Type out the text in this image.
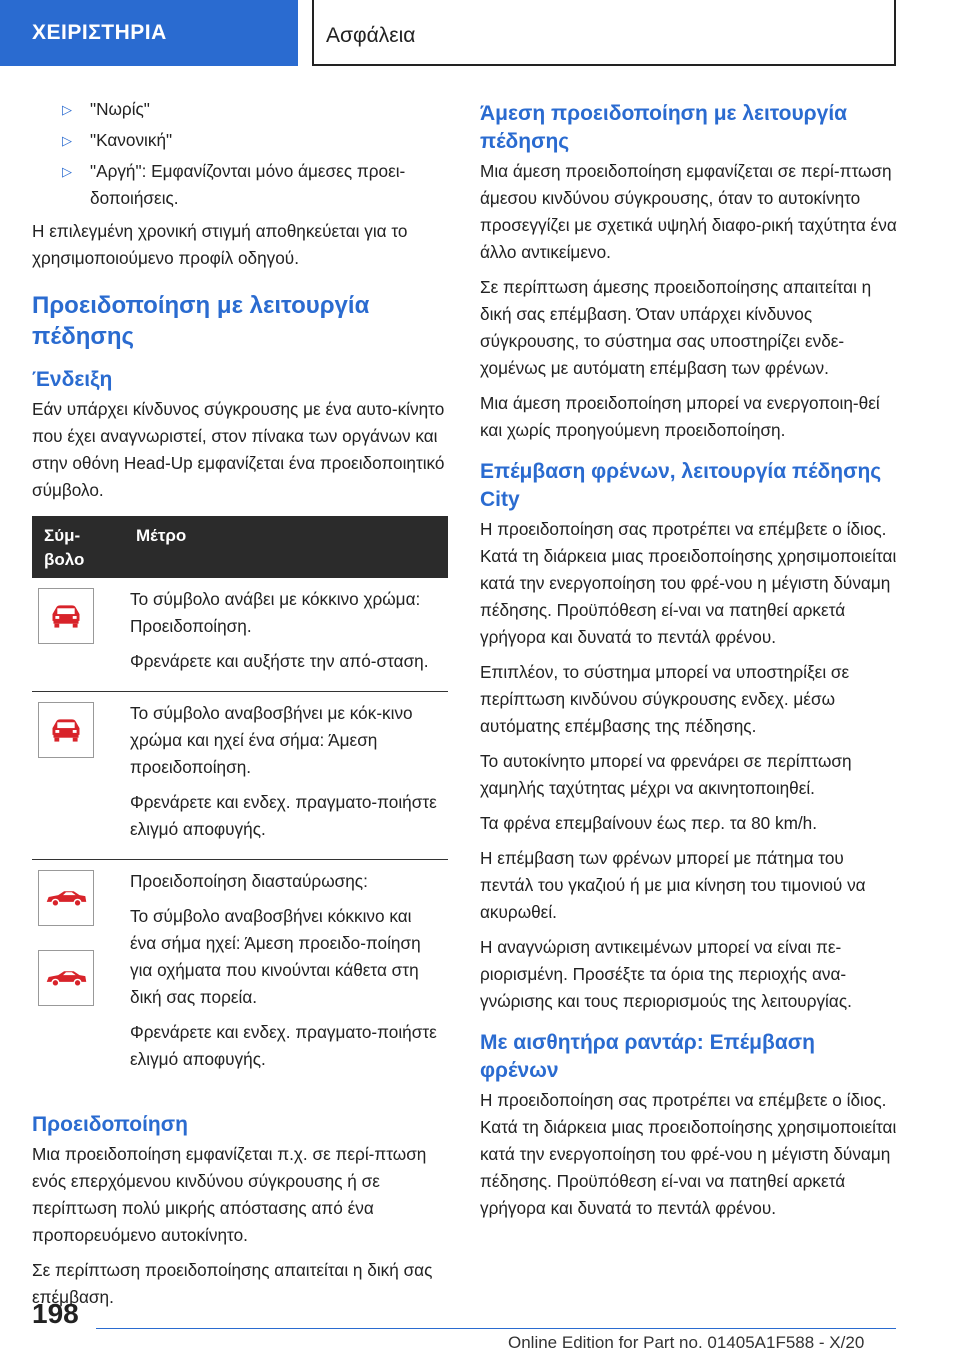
ΧΕΙΡΙΣΤΗΡΙΑ	Ασφάλεια
▷ "Νωρίς"
▷ "Κανονική"
▷ "Αργή": Εμφανίζονται μόνο άμεσες προει-δοποιήσεις.

Η επιλεγμένη χρονική στιγμή αποθηκεύεται για το χρησιμοποιούμενο προφίλ οδηγού.

Προειδοποίηση με λειτουργία πέδησης
Ένδειξη

Εάν υπάρχει κίνδυνος σύγκρουσης με ένα αυτο-κίνητο που έχει αναγνωριστεί, στον πίνακα των οργάνων και στην οθόνη Head-Up εμφανίζεται ένα προειδοποιητικό σύμβολο.

Σύμ-βολο	Μέτρο

Το σύμβολο ανάβει με κόκκινο χρώμα: Προειδοποίηση.

Φρενάρετε και αυξήστε την από-σταση.

Το σύμβολο αναβοσβήνει με κόκ-κινο χρώμα και ηχεί ένα σήμα: Άμεση προειδοποίηση.

Φρενάρετε και ενδεχ. πραγματο-ποιήστε ελιγμό αποφυγής.

Προειδοποίηση διασταύρωσης:

Το σύμβολο αναβοσβήνει κόκκινο και ένα σήμα ηχεί: Άμεση προειδο-ποίηση για οχήματα που κινούνται κάθετα στη δική σας πορεία.

Φρενάρετε και ενδεχ. πραγματο-ποιήστε ελιγμό αποφυγής.

Προειδοποίηση

Μια προειδοποίηση εμφανίζεται π.χ. σε περί-πτωση ενός επερχόμενου κινδύνου σύγκρουσης ή σε περίπτωση πολύ μικρής απόστασης από ένα προπορευόμενο αυτοκίνητο.

Σε περίπτωση προειδοποίησης απαιτείται η δική σας επέμβαση.

Άμεση προειδοποίηση με λειτουργία πέδησης

Μια άμεση προειδοποίηση εμφανίζεται σε περί-πτωση άμεσου κινδύνου σύγκρουσης, όταν το αυτοκίνητο προσεγγίζει με σχετικά υψηλή διαφο-ρική ταχύτητα ένα άλλο αντικείμενο.

Σε περίπτωση άμεσης προειδοποίησης απαιτείται η δική σας επέμβαση. Όταν υπάρχει κίνδυνος σύγκρουσης, το σύστημα σας υποστηρίζει ενδε-χομένως με αυτόματη επέμβαση των φρένων.

Μια άμεση προειδοποίηση μπορεί να ενεργοποιη-θεί και χωρίς προηγούμενη προειδοποίηση.

Επέμβαση φρένων, λειτουργία πέδησης City

Η προειδοποίηση σας προτρέπει να επέμβετε ο ίδιος. Κατά τη διάρκεια μιας προειδοποίησης χρησιμοποιείται κατά την ενεργοποίηση του φρέ-νου η μέγιστη δύναμη πέδησης. Προϋπόθεση εί-ναι να πατηθεί αρκετά γρήγορα και δυνατά το πεντάλ φρένου.

Επιπλέον, το σύστημα μπορεί να υποστηρίξει σε περίπτωση κινδύνου σύγκρουσης ενδεχ. μέσω αυτόματης επέμβασης της πέδησης.

Το αυτοκίνητο μπορεί να φρενάρει σε περίπτωση χαμηλής ταχύτητας μέχρι να ακινητοποιηθεί.

Τα φρένα επεμβαίνουν έως περ. τα 80 km/h.

Η επέμβαση των φρένων μπορεί με πάτημα του πεντάλ του γκαζιού ή με μια κίνηση του τιμονιού να ακυρωθεί.

Η αναγνώριση αντικειμένων μπορεί να είναι πε-ριορισμένη. Προσέξτε τα όρια της περιοχής ανα-γνώρισης και τους περιορισμούς της λειτουργίας.

Με αισθητήρα ραντάρ: Επέμβαση φρένων

Η προειδοποίηση σας προτρέπει να επέμβετε ο ίδιος. Κατά τη διάρκεια μιας προειδοποίησης χρησιμοποιείται κατά την ενεργοποίηση του φρέ-νου η μέγιστη δύναμη πέδησης. Προϋπόθεση εί-ναι να πατηθεί αρκετά γρήγορα και δυνατά το πεντάλ φρένου.

198
Online Edition for Part no. 01405A1F588 - X/20
